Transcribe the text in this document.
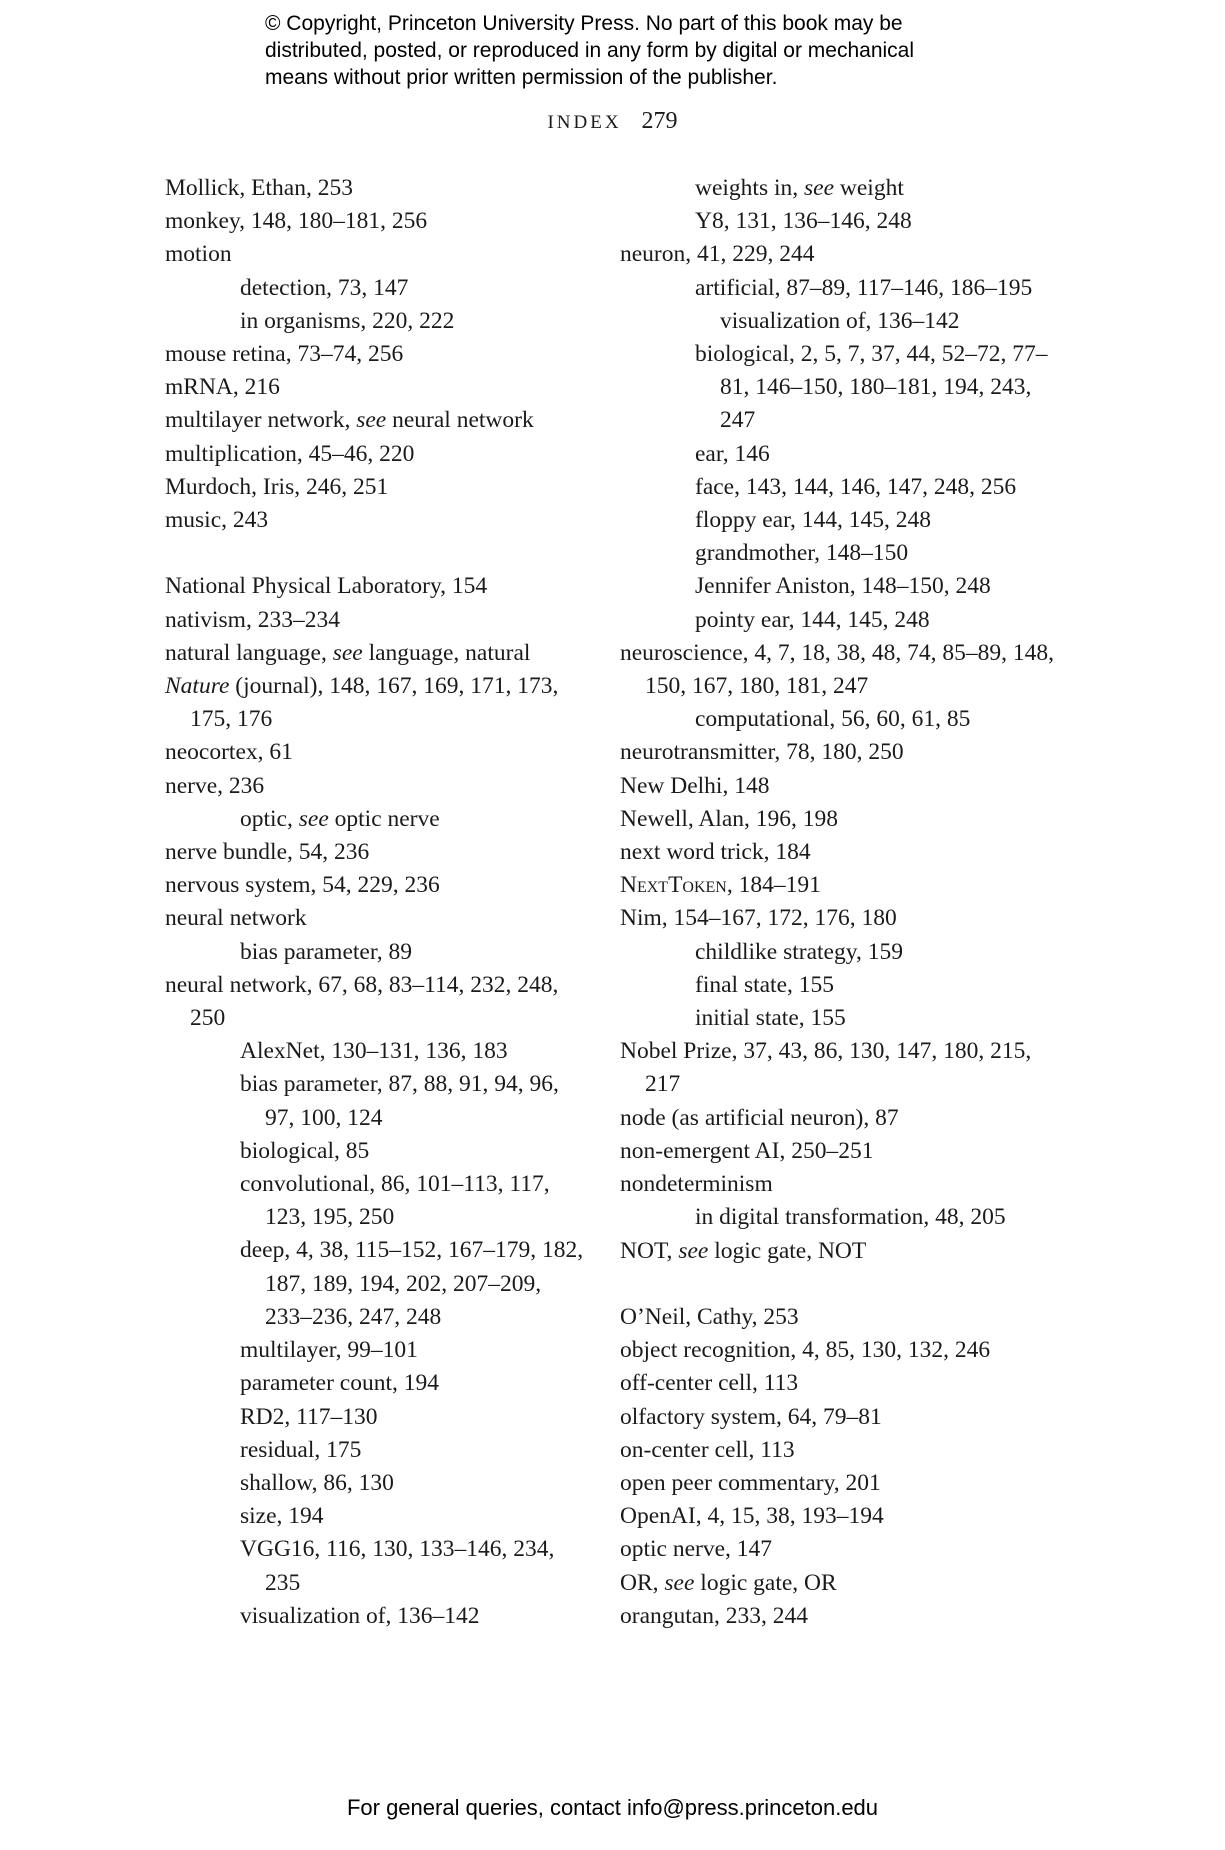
© Copyright, Princeton University Press. No part of this book may be
distributed, posted, or reproduced in any form by digital or mechanical
means without prior written permission of the publisher.
INDEX 279
Mollick, Ethan, 253
monkey, 148, 180–181, 256
motion
detection, 73, 147
in organisms, 220, 222
mouse retina, 73–74, 256
mRNA, 216
multilayer network, see neural network
multiplication, 45–46, 220
Murdoch, Iris, 246, 251
music, 243
National Physical Laboratory, 154
nativism, 233–234
natural language, see language, natural
Nature (journal), 148, 167, 169, 171, 173, 175, 176
neocortex, 61
nerve, 236
optic, see optic nerve
nerve bundle, 54, 236
nervous system, 54, 229, 236
neural network
bias parameter, 89
neural network, 67, 68, 83–114, 232, 248, 250
AlexNet, 130–131, 136, 183
bias parameter, 87, 88, 91, 94, 96, 97, 100, 124
biological, 85
convolutional, 86, 101–113, 117, 123, 195, 250
deep, 4, 38, 115–152, 167–179, 182, 187, 189, 194, 202, 207–209, 233–236, 247, 248
multilayer, 99–101
parameter count, 194
RD2, 117–130
residual, 175
shallow, 86, 130
size, 194
VGG16, 116, 130, 133–146, 234, 235
visualization of, 136–142
weights in, see weight
Y8, 131, 136–146, 248
neuron, 41, 229, 244
artificial, 87–89, 117–146, 186–195 visualization of, 136–142
biological, 2, 5, 7, 37, 44, 52–72, 77–81, 146–150, 180–181, 194, 243, 247
ear, 146
face, 143, 144, 146, 147, 248, 256
floppy ear, 144, 145, 248
grandmother, 148–150
Jennifer Aniston, 148–150, 248
pointy ear, 144, 145, 248
neuroscience, 4, 7, 18, 38, 48, 74, 85–89, 148, 150, 167, 180, 181, 247
computational, 56, 60, 61, 85
neurotransmitter, 78, 180, 250
New Delhi, 148
Newell, Alan, 196, 198
next word trick, 184
NextToken, 184–191
Nim, 154–167, 172, 176, 180
childlike strategy, 159
final state, 155
initial state, 155
Nobel Prize, 37, 43, 86, 130, 147, 180, 215, 217
node (as artificial neuron), 87
non-emergent AI, 250–251
nondeterminism
in digital transformation, 48, 205
NOT, see logic gate, NOT
O’Neil, Cathy, 253
object recognition, 4, 85, 130, 132, 246
off-center cell, 113
olfactory system, 64, 79–81
on-center cell, 113
open peer commentary, 201
OpenAI, 4, 15, 38, 193–194
optic nerve, 147
OR, see logic gate, OR
orangutan, 233, 244
For general queries, contact info@press.princeton.edu
